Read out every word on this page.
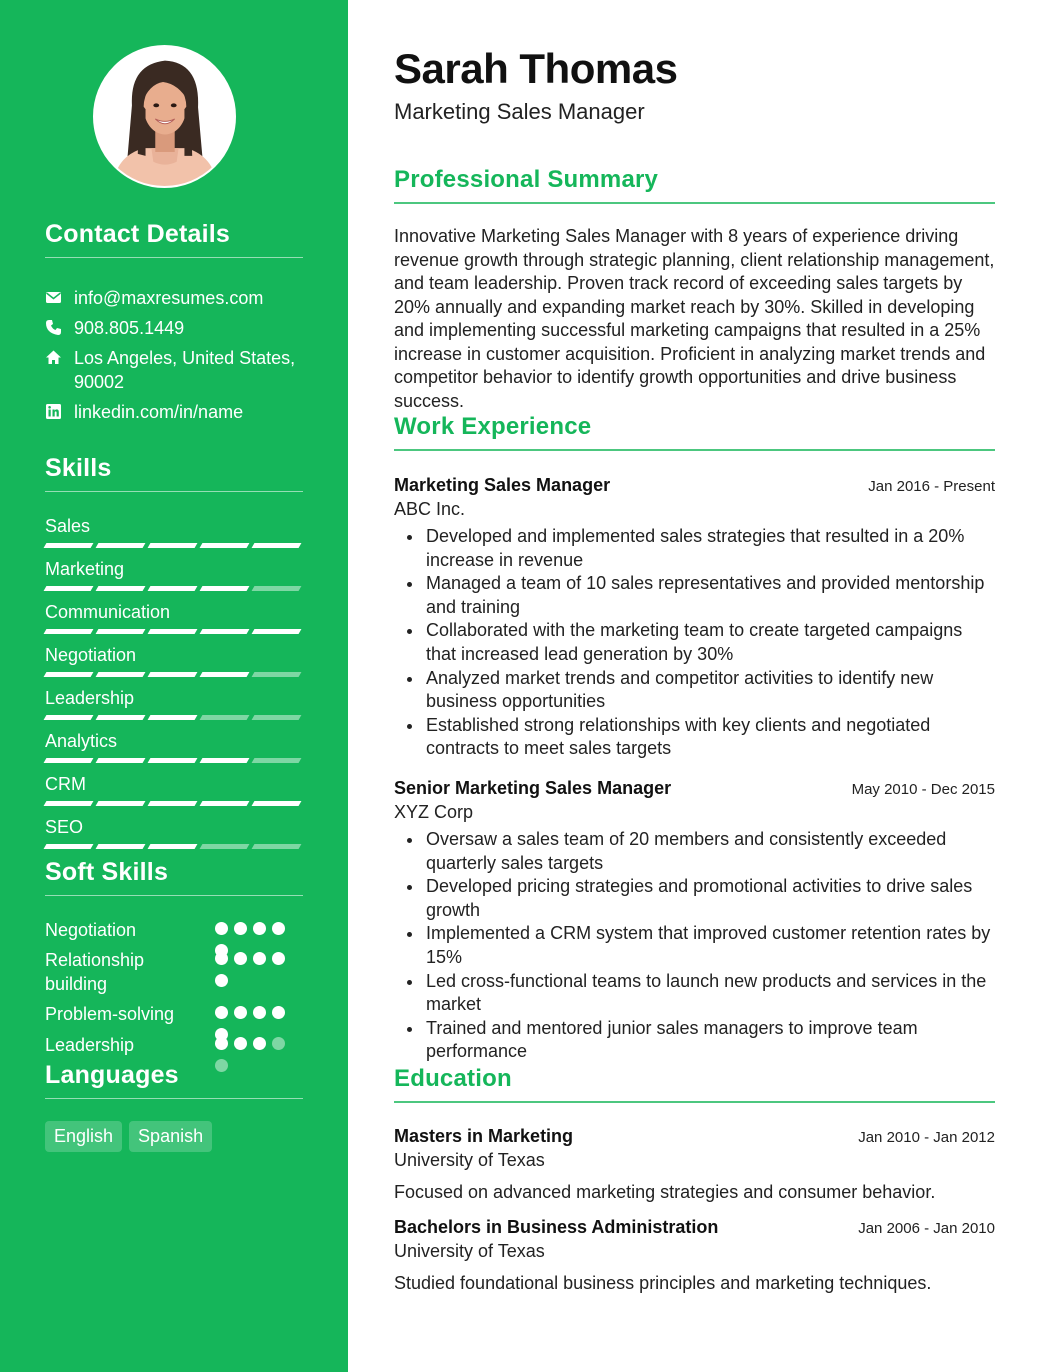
Contact Details
info@maxresumes.com
908.805.1449
Los Angeles, United States, 90002
linkedin.com/in/name
Skills
Sales
Marketing
Communication
Negotiation
Leadership
Analytics
CRM
SEO
Soft Skills
Negotiation
Relationship building
Problem-solving
Leadership
Languages
English	Spanish
Sarah Thomas
Marketing Sales Manager
Professional Summary

Innovative Marketing Sales Manager with 8 years of experience driving revenue growth through strategic planning, client relationship management, and team leadership. Proven track record of exceeding sales targets by 20% annually and expanding market reach by 30%. Skilled in developing and implementing successful marketing campaigns that resulted in a 25% increase in customer acquisition. Proficient in analyzing market trends and competitor behavior to identify growth opportunities and drive business success.

Work Experience
Marketing Sales Manager	Jan 2016 - Present
ABC Inc.
Developed and implemented sales strategies that resulted in a 20% increase in revenue
Managed a team of 10 sales representatives and provided mentorship and training
Collaborated with the marketing team to create targeted campaigns that increased lead generation by 30%
Analyzed market trends and competitor activities to identify new business opportunities
Established strong relationships with key clients and negotiated contracts to meet sales targets
Senior Marketing Sales Manager	May 2010 - Dec 2015
XYZ Corp
Oversaw a sales team of 20 members and consistently exceeded quarterly sales targets
Developed pricing strategies and promotional activities to drive sales growth
Implemented a CRM system that improved customer retention rates by 15%
Led cross-functional teams to launch new products and services in the market
Trained and mentored junior sales managers to improve team performance
Education
Masters in Marketing	Jan 2010 - Jan 2012
University of Texas
Focused on advanced marketing strategies and consumer behavior.
Bachelors in Business Administration	Jan 2006 - Jan 2010
University of Texas
Studied foundational business principles and marketing techniques.
